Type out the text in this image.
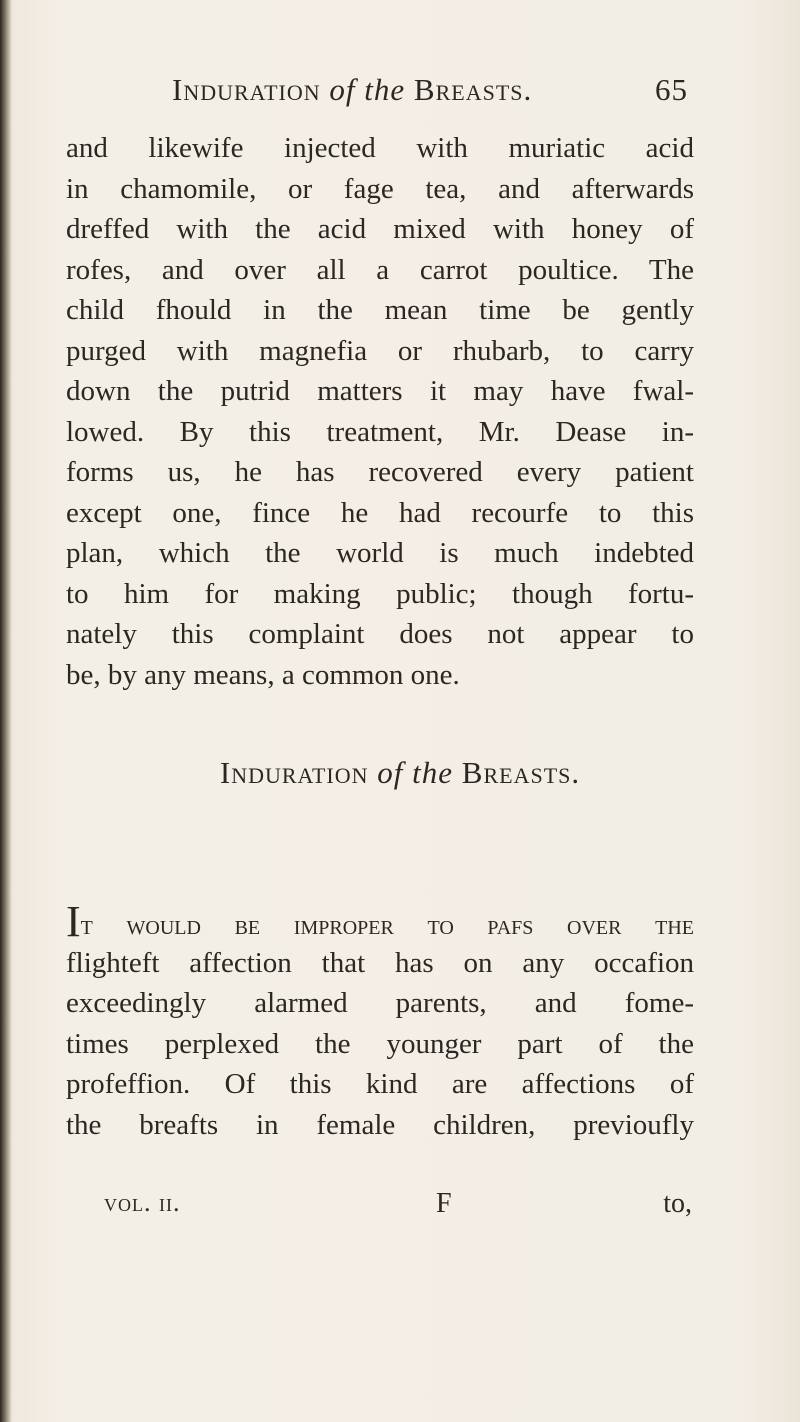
Induration of the Breasts.	65
and likewife injected with muriatic acid
in chamomile, or fage tea, and afterwards
dreffed with the acid mixed with honey of
rofes, and over all a carrot poultice. The
child fhould in the mean time be gently
purged with magnefia or rhubarb, to carry
down the putrid matters it may have fwal-
lowed. By this treatment, Mr. Dease in-
forms us, he has recovered every patient
except one, fince he had recourfe to this
plan, which the world is much indebted
to him for making public; though fortu-
nately this complaint does not appear to
be, by any means, a common one.
Induration of the Breasts.
It would be improper to pafs over the
flighteft affection that has on any occafion
exceedingly alarmed parents, and fome-
times perplexed the younger part of the
profeffion. Of this kind are affections of
the breafts in female children, previoufly
vol. ii.	F	to,
